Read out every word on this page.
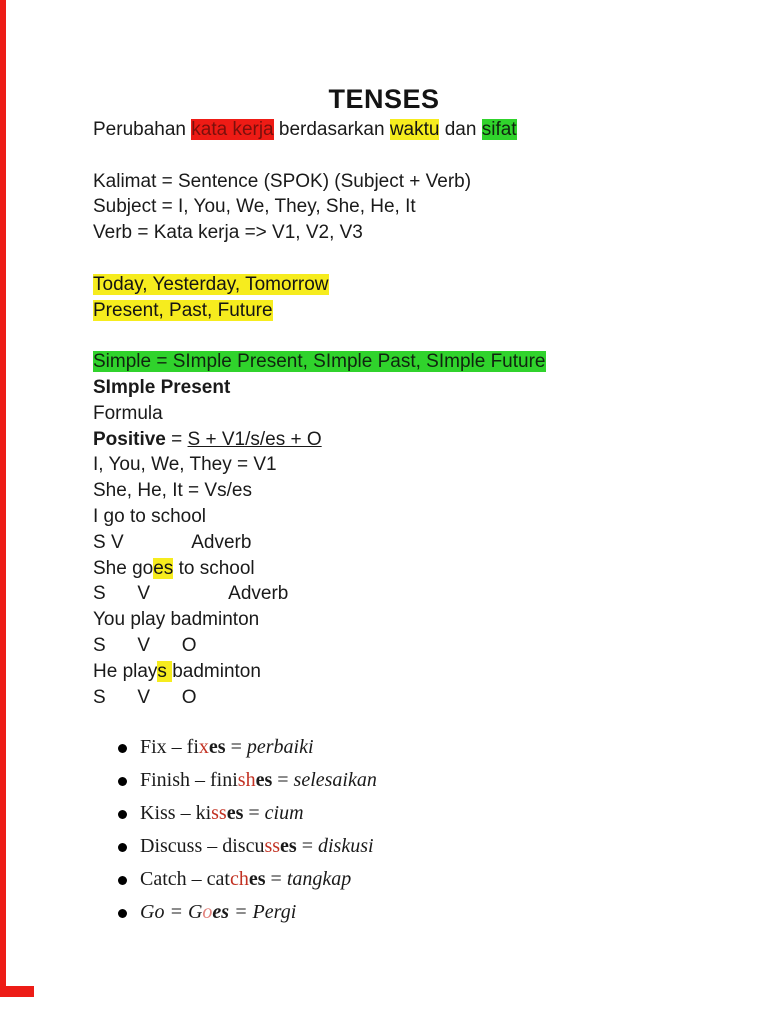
TENSES
Perubahan kata kerja berdasarkan waktu dan sifat
Kalimat = Sentence (SPOK) (Subject + Verb)
Subject = I, You, We, They, She, He, It
Verb = Kata kerja => V1, V2, V3
Today, Yesterday, Tomorrow
Present, Past, Future
Simple = SImple Present, SImple Past, SImple Future
SImple Present
Formula
Positive = S + V1/s/es + O
I, You, We, They = V1
She, He, It = Vs/es
I go to school
S V             Adverb
She goes to school
S      V               Adverb
You play badminton
S      V      O
He plays badminton
S      V      O
Fix – fixes = perbaiki
Finish – finishes = selesaikan
Kiss – kisses = cium
Discuss – discusses = diskusi
Catch – catches = tangkap
Go = Goes = Pergi
